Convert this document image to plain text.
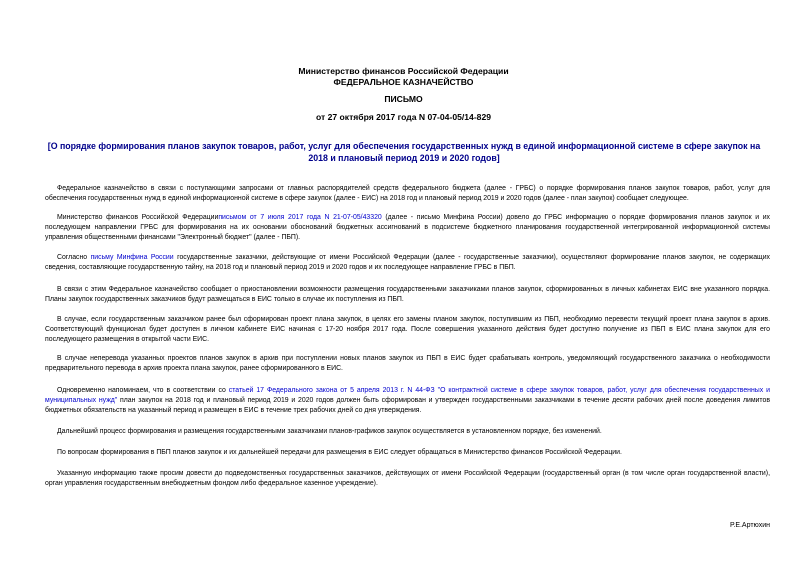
Министерство финансов Российской Федерации
ФЕДЕРАЛЬНОЕ КАЗНАЧЕЙСТВО
ПИСЬМО
от 27 октября 2017 года N 07-04-05/14-829
[О порядке формирования планов закупок товаров, работ, услуг для обеспечения государственных нужд в единой информационной системе в сфере закупок на 2018 и плановый период 2019 и 2020 годов]

Федеральное казначейство в связи с поступающими запросами от главных распорядителей средств федерального бюджета (далее - ГРБС) о порядке формирования планов закупок товаров, работ, услуг для обеспечения государственных нужд в единой информационной системе в сфере закупок (далее - ЕИС) на 2018 год и плановый период 2019 и 2020 годов (далее - план закупок) сообщает следующее.

Министерство финансов Российской Федерацииписьмом от 7 июля 2017 года N 21-07-05/43320 (далее - письмо Минфина России) довело до ГРБС информацию о порядке формирования планов закупок и их последующем направлении ГРБС для формирования на их основании обоснований бюджетных ассигнований в подсистеме бюджетного планирования государственной интегрированной информационной системы управления общественными финансами "Электронный бюджет" (далее - ПБП).

Согласно письму Минфина России государственные заказчики, действующие от имени Российской Федерации (далее - государственные заказчики), осуществляют формирование планов закупок, не содержащих сведения, составляющие государственную тайну, на 2018 год и плановый период 2019 и 2020 годов и их последующее направление ГРБС в ПБП.

В связи с этим Федеральное казначейство сообщает о приостановлении возможности размещения государственными заказчиками планов закупок, сформированных в личных кабинетах ЕИС вне указанного порядка. Планы закупок государственных заказчиков будут размещаться в ЕИС только в случае их поступления из ПБП.

В случае, если государственным заказчиком ранее был сформирован проект плана закупок, в целях его замены планом закупок, поступившим из ПБП, необходимо перевести текущий проект плана закупок в архив. Соответствующий функционал будет доступен в личном кабинете ЕИС начиная с 17-20 ноября 2017 года. После совершения указанного действия будет доступно получение из ПБП в ЕИС плана закупок для его последующего размещения в открытой части ЕИС.

В случае неперевода указанных проектов планов закупок в архив при поступлении новых планов закупок из ПБП в ЕИС будет срабатывать контроль, уведомляющий государственного заказчика о необходимости предварительного перевода в архив проекта плана закупок, ранее сформированного в ЕИС.

Одновременно напоминаем, что в соответствии со статьей 17 Федерального закона от 5 апреля 2013 г. N 44-ФЗ "О контрактной системе в сфере закупок товаров, работ, услуг для обеспечения государственных и муниципальных нужд" план закупок на 2018 год и плановый период 2019 и 2020 годов должен быть сформирован и утвержден государственными заказчиками в течение десяти рабочих дней после доведения лимитов бюджетных обязательств на указанный период и размещен в ЕИС в течение трех рабочих дней со дня утверждения.

Дальнейший процесс формирования и размещения государственными заказчиками планов-графиков закупок осуществляется в установленном порядке, без изменений.

По вопросам формирования в ПБП планов закупок и их дальнейшей передачи для размещения в ЕИС следует обращаться в Министерство финансов Российской Федерации.

Указанную информацию также просим довести до подведомственных государственных заказчиков, действующих от имени Российской Федерации (государственный орган (в том числе орган государственной власти), орган управления государственным внебюджетным фондом либо федеральное казенное учреждение).

Р.Е.Артюхин
